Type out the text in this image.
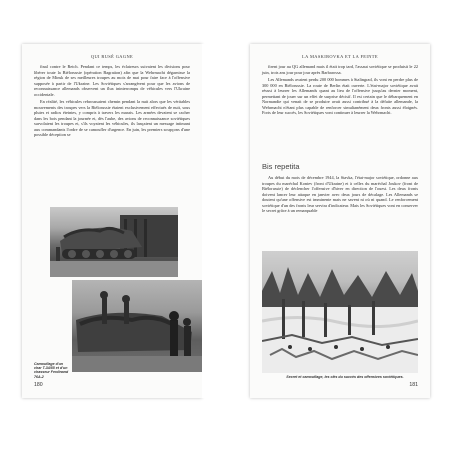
QUI RUSÉ GAGNE

final contre le Reich. Pendant ce temps, les éclaireurs suivaient les divisions pour libérer toute la Biélorussie (opération Bagration) afin que la Wehrmacht dégarnisse la région de Minsk de ses meilleures troupes au mois de mai pour faire face à l'offensive supposée à partir de l'Ukraine. Les Soviétiques s'arrangèrent pour que les avions de reconnaissance allemands observent un flux ininterrompu de véhicules vers l'Ukraine occidentale.

En réalité, les véhicules rebroussaient chemin pendant la nuit alors que les véritables mouvements des troupes vers la Biélorussie étaient exclusivement effectués de nuit, sous pluies et radios éteintes, y compris à travers les marais. Les armées devaient se cacher dans les bois pendant la journée et, dès l'aube, des avions de reconnaissance soviétiques survolaient les troupes et, s'ils voyaient les véhicules, ils lançaient un message intimant aux commandants l'ordre de se camoufler d'urgence. En juin, les premiers soupçons d'une possible déception se

Camouflage d'un char T-34/85 et d'un chasseur Ferdinand 76A-2
180
LA MASKIROVKA ET LA FEINTE

firent jour au QG allemand mais il était trop tard, l'assaut soviétique se produisit le 22 juin, trois ans jour pour jour après Barbarossa.

Les Allemands avaient perdu 200 000 hommes à Stalingrad, ils vont en perdre plus de 300 000 en Biélorussie. La route de Berlin était ouverte. L'état-major soviétique avait réussi à leurrer les Allemands quant au lieu de l'offensive jusqu'au dernier moment, permettant de jouer sur un effet de surprise décisif. Il est certain que le débarquement en Normandie qui venait de se produire avait aussi contribué à la défaite allemande, la Wehrmacht n'étant plus capable de renforcer simultanément deux fronts aussi éloignés. Forts de leur succès, les Soviétiques vont continuer à leurrer la Wehrmacht.

Bis repetita

Au début du mois de décembre 1944, la Stavka, l'état-major soviétique, ordonne aux troupes du maréchal Koniev (front d'Ukraine) et à celles du maréchal Joukov (front de Biélorussie) de déclencher l'offensive d'hiver en direction de l'ouest. Les deux fronts doivent lancer leur attaque en janvier avec deux jours de décalage. Les Allemands se doutent qu'une offensive est imminente mais ne savent ni où ni quand. Le renforcement soviétique d'un des fronts leur servira d'indicateur. Mais les Soviétiques vont en conserver le secret grâce à un remarquable

Secret et camouflage, les clés du succès des offensives soviétiques.
181
